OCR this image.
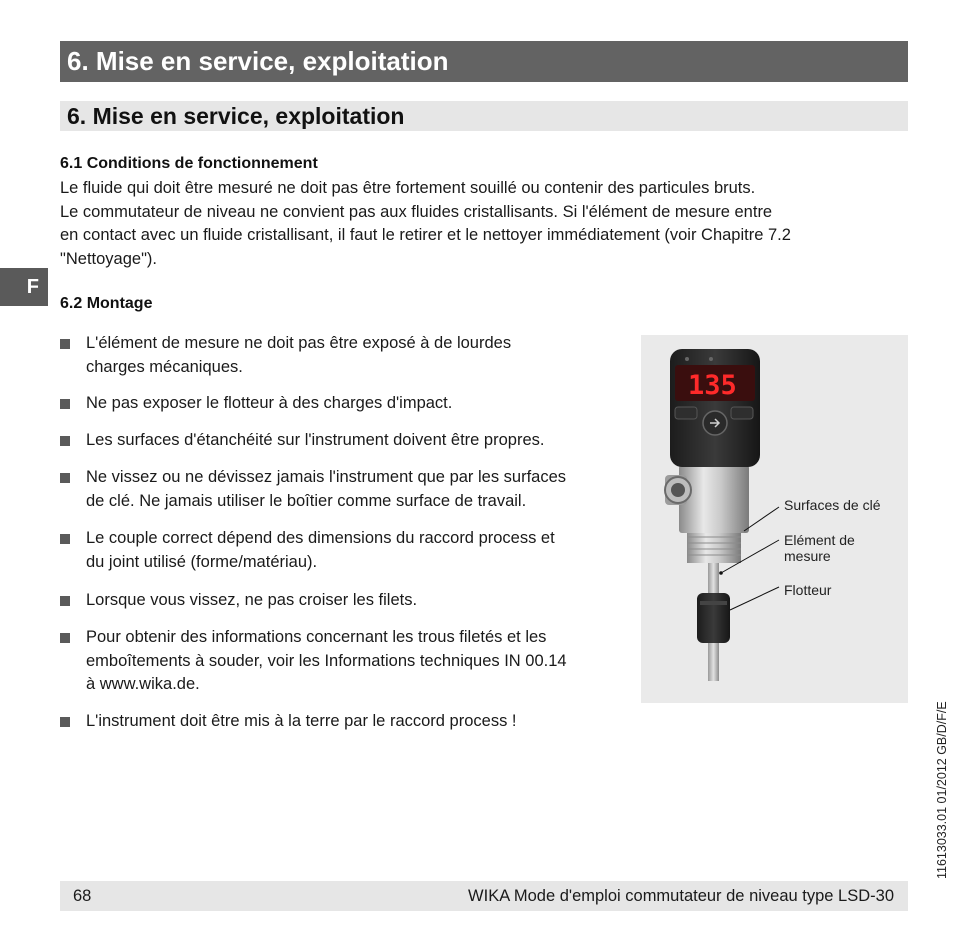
6. Mise en service, exploitation
6. Mise en service, exploitation
F
6.1 Conditions de fonctionnement
Le fluide qui doit être mesuré ne doit pas être fortement souillé ou contenir des particules bruts.
Le commutateur de niveau ne convient pas aux fluides cristallisants. Si l'élément de mesure entre
en contact avec un fluide cristallisant, il faut le retirer et le nettoyer immédiatement (voir Chapitre 7.2
"Nettoyage").
6.2 Montage
L'élément de mesure ne doit pas être exposé à de lourdes
charges mécaniques.
Ne pas exposer le flotteur à des charges d'impact.
Les surfaces d'étanchéité sur l'instrument doivent être propres.
Ne vissez ou ne dévissez jamais l'instrument que par les surfaces
de clé. Ne jamais utiliser le boîtier comme surface de travail.
Le couple correct dépend des dimensions du raccord process et
du joint utilisé (forme/matériau).
Lorsque vous vissez, ne pas croiser les filets.
Pour obtenir des informations concernant les trous filetés et les
emboîtements à souder, voir les Informations techniques IN 00.14
à www.wika.de.
L'instrument doit être mis à la terre par le raccord process !
135
Surfaces de clé
Elément de
mesure
Flotteur
11613033.01 01/2012 GB/D/F/E
68	WIKA Mode d'emploi commutateur de niveau type LSD-30
